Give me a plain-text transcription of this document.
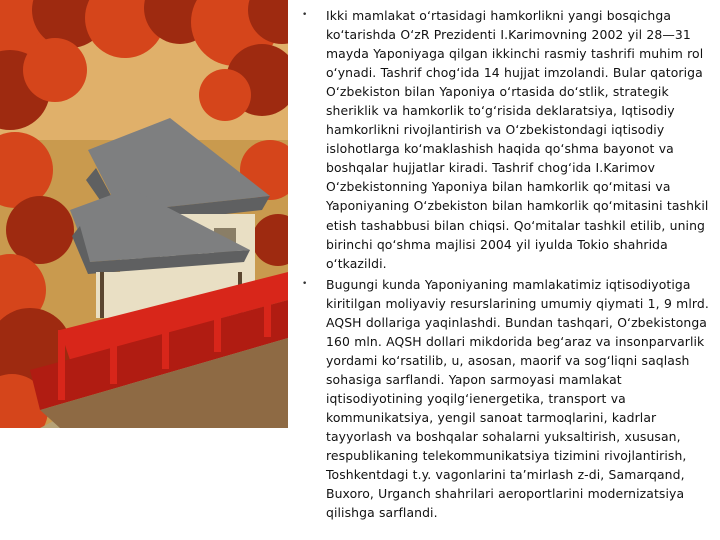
• Ikki mamlakat o‘rtasidagi hamkorlikni yangi bosqichga ko‘tarishda O‘zR Prezidenti I.Karimovning 2002 yil 28—31 mayda Yaponiyaga qilgan ikkinchi rasmiy tashrifi muhim rol o‘ynadi. Tashrif chog‘ida 14 hujjat imzolandi. Bular qatoriga O‘zbekiston bilan Yaponiya o‘rtasida do‘stlik, strategik sheriklik va hamkorlik to‘g‘risida deklaratsiya, Iqtisodiy hamkorlikni rivojlantirish va O‘zbekistondagi iqtisodiy islohotlarga ko‘maklashish haqida qo‘shma bayonot va boshqalar hujjatlar kiradi. Tashrif chog‘ida I.Karimov O‘zbekistonning Yaponiya bilan hamkorlik qo‘mitasi va Yaponiyaning O‘zbekiston bilan hamkorlik qo‘mitasini tashkil etish tashabbusi bilan chiqsi. Qo‘mitalar tashkil etilib, uning birinchi qo‘shma majlisi 2004 yil iyulda Tokio shahrida o‘tkazildi.
• Bugungi kunda Yaponiyaning mamlakatimiz iqtisodiyotiga kiritilgan moliyaviy resurslarining umumiy qiymati 1, 9 mlrd. AQSH dollariga yaqinlashdi. Bundan tashqari, O‘zbekistonga 160 mln. AQSH dollari mikdorida beg‘araz va insonparvarlik yordami ko‘rsatilib, u, asosan, maorif va sog‘liqni saqlash sohasiga sarflandi. Yapon sarmoyasi mamlakat iqtisodiyotining yoqilg‘ienergetika, transport va kommunikatsiya, yengil sanoat tarmoqlarini, kadrlar tayyorlash va boshqalar sohalarni yuksaltirish, xususan, respublikaning telekommunikatsiya tizimini rivojlantirish, Toshkentdagi t.y. vagonlarini ta’mirlash z-di, Samarqand, Buxoro, Urganch shahrilari aeroportlarini modernizatsiya qilishga sarflandi.
